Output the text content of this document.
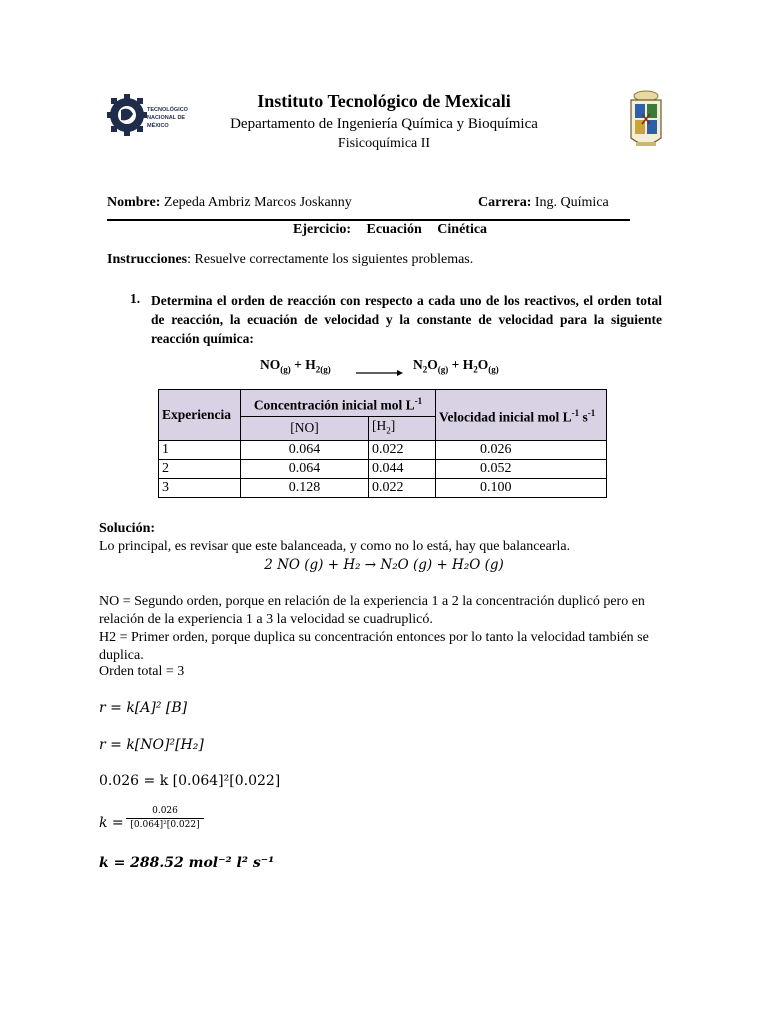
TECNOLÓGICO
NACIONAL DE MÉXICO
Instituto Tecnológico de Mexicali
Departamento de Ingeniería Química y Bioquímica
Fisicoquímica II
Nombre: Zepeda Ambriz Marcos Joskanny	Carrera: Ing. Química
Ejercicio: Ecuación Cinética
Instrucciones: Resuelve correctamente los siguientes problemas.
1. Determina el orden de reacción con respecto a cada uno de los reactivos, el orden total de reacción, la ecuación de velocidad y la constante de velocidad para la siguiente reacción química:
$NO_{(g)} + H_{2(g)} \to N_2O_{(g)} + H_2O_{(g)}$
Experiencia	Concentración inicial mol $L^{-1}$		Velocidad inicial mol $L^{-1}$ $s^{-1}$
	[NO]	$[H_2]$	
1	0.064	0.022	0.026
2	0.064	0.044	0.052
3	0.128	0.022	0.100
Solución:
Lo principal, es revisar que este balanceada, y como no lo está, hay que balancearla.
2 NO (g) + H₂ → N₂O (g) + H₂O (g)
NO = Segundo orden, porque en relación de la experiencia 1 a 2 la concentración duplicó pero en relación de la experiencia 1 a 3 la velocidad se cuadruplicó.
H2 = Primer orden, porque duplica su concentración entonces por lo tanto la velocidad también se duplica.
Orden total = 3
r = k[A]² [B]
r = k[NO]²[H₂]
0.026 = k [0.064]²[0.022]
$k = \frac{0.026}{\text{[0.064]²[0.022]}}$
k = 288.52 mol⁻² l² s⁻¹
